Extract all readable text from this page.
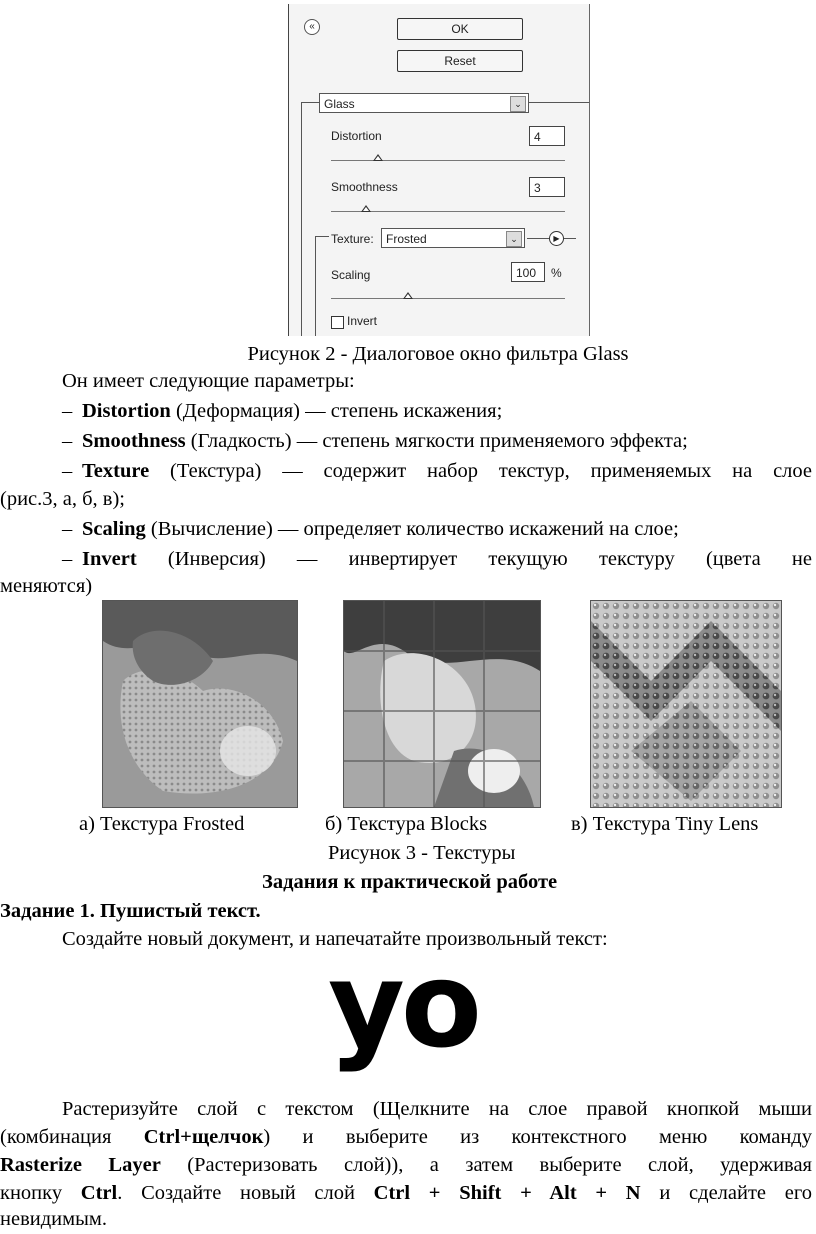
«	OK
Reset
Glass	⌄
Distortion	4
Smoothness	3
Texture:	Frosted	⌄	▶
Scaling	100	%
Invert
Рисунок 2 - Диалоговое окно фильтра Glass
Он имеет следующие параметры:
– Distortion (Деформация) — степень искажения;
– Smoothness (Гладкость) — степень мягкости применяемого эффекта;
– Texture (Текстура) — содержит набор текстур, применяемых на слое
(рис.3, а, б, в);
– Scaling (Вычисление) — определяет количество искажений на слое;
– Invert (Инверсия) — инвертирует текущую текстуру (цвета не
меняются)
а) Текстура Frosted	б) Текстура Blocks	в) Текстура Tiny Lens
Рисунок 3 - Текстуры
Задания к практической работе
Задание 1. Пушистый текст.
Создайте новый документ, и напечатайте произвольный текст:
yo
Растеризуйте слой с текстом (Щелкните на слое правой кнопкой мыши
(комбинация Ctrl+щелчок) и выберите из контекстного меню команду
Rasterize Layer (Растеризовать слой)), а затем выберите слой, удерживая
кнопку Ctrl. Создайте новый слой Ctrl + Shift + Alt + N и сделайте его
невидимым.
